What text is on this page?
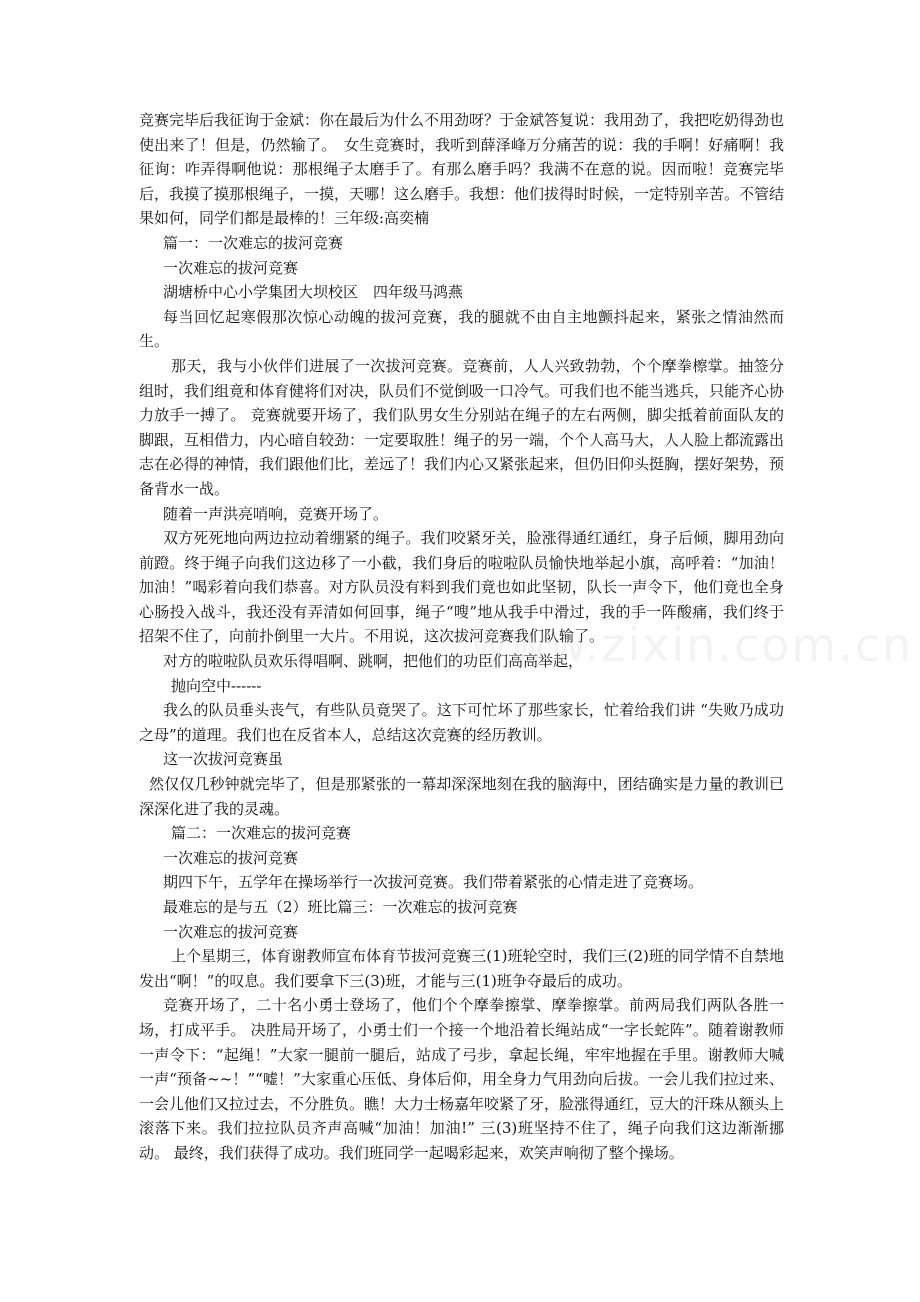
竞赛完毕后我征询于金斌：你在最后为什么不用劲呀？于金斌答复说：我用劲了，我把吃奶得劲也使出来了！但是，仍然输了。　女生竞赛时，我听到薛泽峰万分痛苦的说：我的手啊！好痛啊！我征询：咋弄得啊他说：那根绳子太磨手了。有那么磨手吗？我满不在意的说。因而啦！竞赛完毕后，我摸了摸那根绳子，一摸，天哪！这么磨手。我想：他们拔得时时候，一定特别辛苦。不管结果如何，同学们都是最棒的！三年级:高奕楠

篇一：一次难忘的拔河竞赛

一次难忘的拔河竞赛

湖塘桥中心小学集团大坝校区　四年级马鸿燕

每当回忆起寒假那次惊心动魄的拔河竞赛，我的腿就不由自主地颤抖起来，紧张之情油然而生。

那天，我与小伙伴们进展了一次拔河竞赛。竞赛前，人人兴致勃勃，个个摩拳檫掌。抽签分组时，我们组竟和体育健将们对决，队员们不觉倒吸一口冷气。可我们也不能当逃兵，只能齐心协力放手一搏了。 竞赛就要开场了，我们队男女生分别站在绳子的左右两侧，脚尖抵着前面队友的脚跟，互相借力，内心暗自较劲：一定要取胜！绳子的另一端，个个人高马大，人人脸上都流露出志在必得的神情，我们跟他们比，差远了！我们内心又紧张起来，但仍旧仰头挺胸，摆好架势，预备背水一战。

随着一声洪亮哨响，竞赛开场了。

双方死死地向两边拉动着绷紧的绳子。我们咬紧牙关，脸涨得通红通红，身子后倾，脚用劲向前蹬。终于绳子向我们这边移了一小截，我们身后的啦啦队员愉快地举起小旗，高呼着：“加油！加油！”喝彩着向我们恭喜。对方队员没有料到我们竟也如此坚韧，队长一声令下，他们竟也全身心肠投入战斗，我还没有弄清如何回事，绳子“嗖”地从我手中滑过，我的手一阵酸痛，我们终于招架不住了，向前扑倒里一大片。不用说，这次拔河竞赛我们队输了。

对方的啦啦队员欢乐得唱啊、跳啊，把他们的功臣们高高举起，

抛向空中------

我么的队员垂头丧气，有些队员竟哭了。这下可忙坏了那些家长，忙着给我们讲 “失败乃成功之母”的道理。我们也在反省本人，总结这次竞赛的经历教训。

这一次拔河竞赛虽

然仅仅几秒钟就完毕了，但是那紧张的一幕却深深地刻在我的脑海中，团结确实是力量的教训已深深化进了我的灵魂。

篇二：一次难忘的拔河竞赛

一次难忘的拔河竞赛

期四下午，五学年在操场举行一次拔河竞赛。我们带着紧张的心情走进了竞赛场。

最难忘的是与五（2）班比篇三：一次难忘的拔河竞赛

一次难忘的拔河竞赛

上个星期三，体育谢教师宣布体育节拔河竞赛三(1)班轮空时，我们三(2)班的同学情不自禁地发出“啊！”的叹息。我们要拿下三(3)班，才能与三(1)班争夺最后的成功。

竞赛开场了，二十名小勇士登场了，他们个个摩拳擦掌、摩拳擦掌。前两局我们两队各胜一场，打成平手。 决胜局开场了，小勇士们一个接一个地沿着长绳站成“一字长蛇阵”。随着谢教师一声令下：“起绳！”大家一腿前一腿后，站成了弓步，拿起长绳，牢牢地握在手里。谢教师大喊一声“预备~~！”“嘘！”大家重心压低、身体后仰，用全身力气用劲向后拔。一会儿我们拉过来、一会儿他们又拉过去，不分胜负。瞧！大力士杨嘉年咬紧了牙，脸涨得通红，豆大的汗珠从额头上滚落下来。我们拉拉队员齐声高喊“加油！加油!” 三(3)班坚持不住了，绳子向我们这边渐渐挪动。 最终，我们获得了成功。我们班同学一起喝彩起来，欢笑声响彻了整个操场。

www.zixin.com.cn
